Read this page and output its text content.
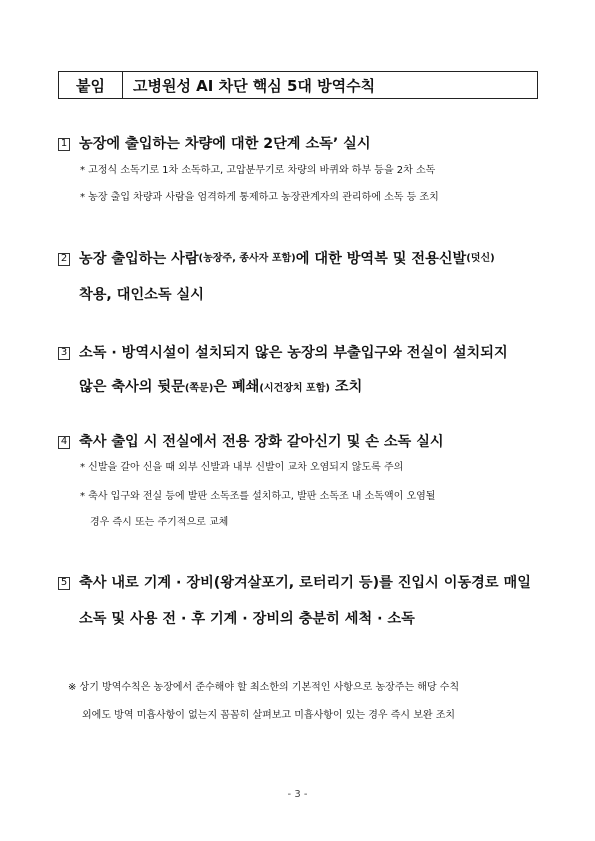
붙임	고병원성 AI 차단 핵심 5대 방역수칙
1 농장에 출입하는 차량에 대한 2단계 소독’ 실시
* 고정식 소독기로 1차 소독하고, 고압분무기로 차량의 바퀴와 하부 등을 2차 소독
* 농장 출입 차량과 사람을 엄격하게 통제하고 농장관계자의 관리하에 소독 등 조치
2 농장 출입하는 사람 (농장주, 종사자 포함) 에 대한 방역복 및 전용신발 (덧신)
착용, 대인소독 실시
3 소독 · 방역시설이 설치되지 않은 농장의 부출입구와 전실이 설치되지
않은 축사의 뒷문(쪽문)은 폐쇄(시건장치 포함) 조치
4 축사 출입 시 전실에서 전용 장화 갈아신기 및 손 소독 실시
* 신발을 갈아 신을 때 외부 신발과 내부 신발이 교차 오염되지 않도록 주의
* 축사 입구와 전실 등에 발판 소독조를 설치하고, 발판 소독조 내 소독액이 오염될
경우 즉시 또는 주기적으로 교체
5 축사 내로 기계 · 장비(왕겨살포기, 로터리기 등)를 진입시 이동경로 매일
소독 및 사용 전 · 후 기계 · 장비의 충분히 세척 · 소독
※ 상기 방역수칙은 농장에서 준수해야 할 최소한의 기본적인 사항으로 농장주는 해당 수칙
외에도 방역 미흡사항이 없는지 꼼꼼히 살펴보고 미흡사항이 있는 경우 즉시 보완 조치
- 3 -
